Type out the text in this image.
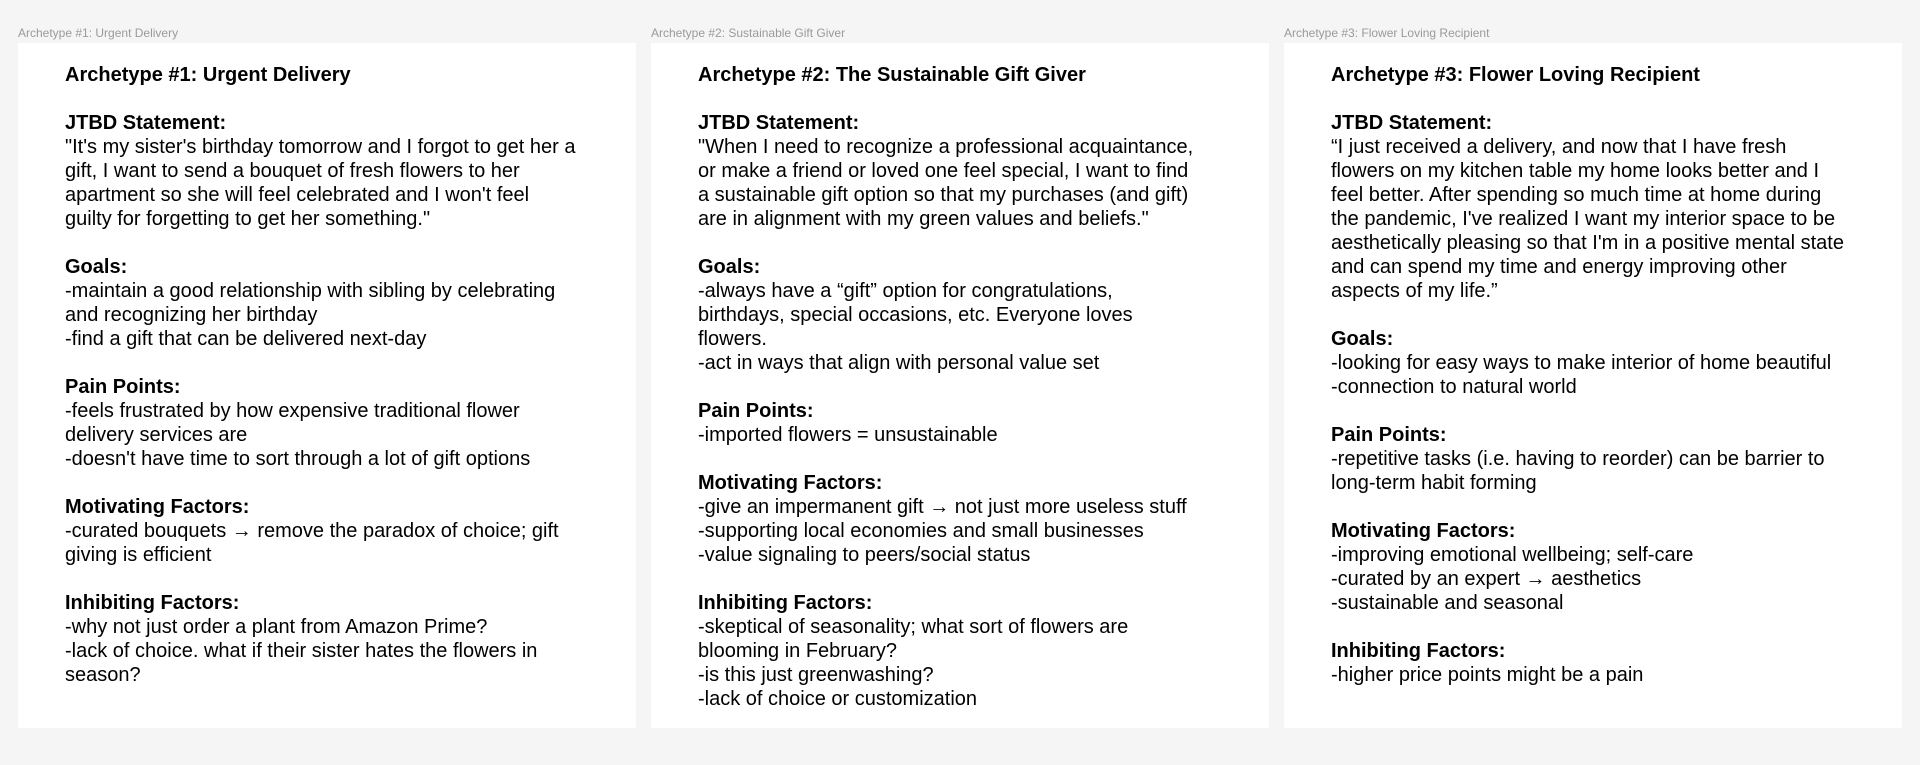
Archetype #1: Urgent Delivery
Archetype #1: Urgent Delivery
JTBD Statement:
"It's my sister's birthday tomorrow and I forgot to get her a
gift, I want to send a bouquet of fresh flowers to her
apartment so she will feel celebrated and I won't feel
guilty for forgetting to get her something."
Goals:
-maintain a good relationship with sibling by celebrating
and recognizing her birthday
-find a gift that can be delivered next-day
Pain Points:
-feels frustrated by how expensive traditional flower
delivery services are
-doesn't have time to sort through a lot of gift options
Motivating Factors:
-curated bouquets → remove the paradox of choice; gift
giving is efficient
Inhibiting Factors:
-why not just order a plant from Amazon Prime?
-lack of choice. what if their sister hates the flowers in
season?
Archetype #2: Sustainable Gift Giver
Archetype #2: The Sustainable Gift Giver
JTBD Statement:
"When I need to recognize a professional acquaintance,
or make a friend or loved one feel special, I want to find
a sustainable gift option so that my purchases (and gift)
are in alignment with my green values and beliefs."
Goals:
-always have a “gift” option for congratulations,
birthdays, special occasions, etc. Everyone loves
flowers.
-act in ways that align with personal value set
Pain Points:
-imported flowers = unsustainable
Motivating Factors:
-give an impermanent gift → not just more useless stuff
-supporting local economies and small businesses
-value signaling to peers/social status
Inhibiting Factors:
-skeptical of seasonality; what sort of flowers are
blooming in February?
-is this just greenwashing?
-lack of choice or customization
Archetype #3: Flower Loving Recipient
Archetype #3: Flower Loving Recipient
JTBD Statement:
“I just received a delivery, and now that I have fresh
flowers on my kitchen table my home looks better and I
feel better. After spending so much time at home during
the pandemic, I've realized I want my interior space to be
aesthetically pleasing so that I'm in a positive mental state
and can spend my time and energy improving other
aspects of my life.”
Goals:
-looking for easy ways to make interior of home beautiful
-connection to natural world
Pain Points:
-repetitive tasks (i.e. having to reorder) can be barrier to
long-term habit forming
Motivating Factors:
-improving emotional wellbeing; self-care
-curated by an expert → aesthetics
-sustainable and seasonal
Inhibiting Factors:
-higher price points might be a pain
